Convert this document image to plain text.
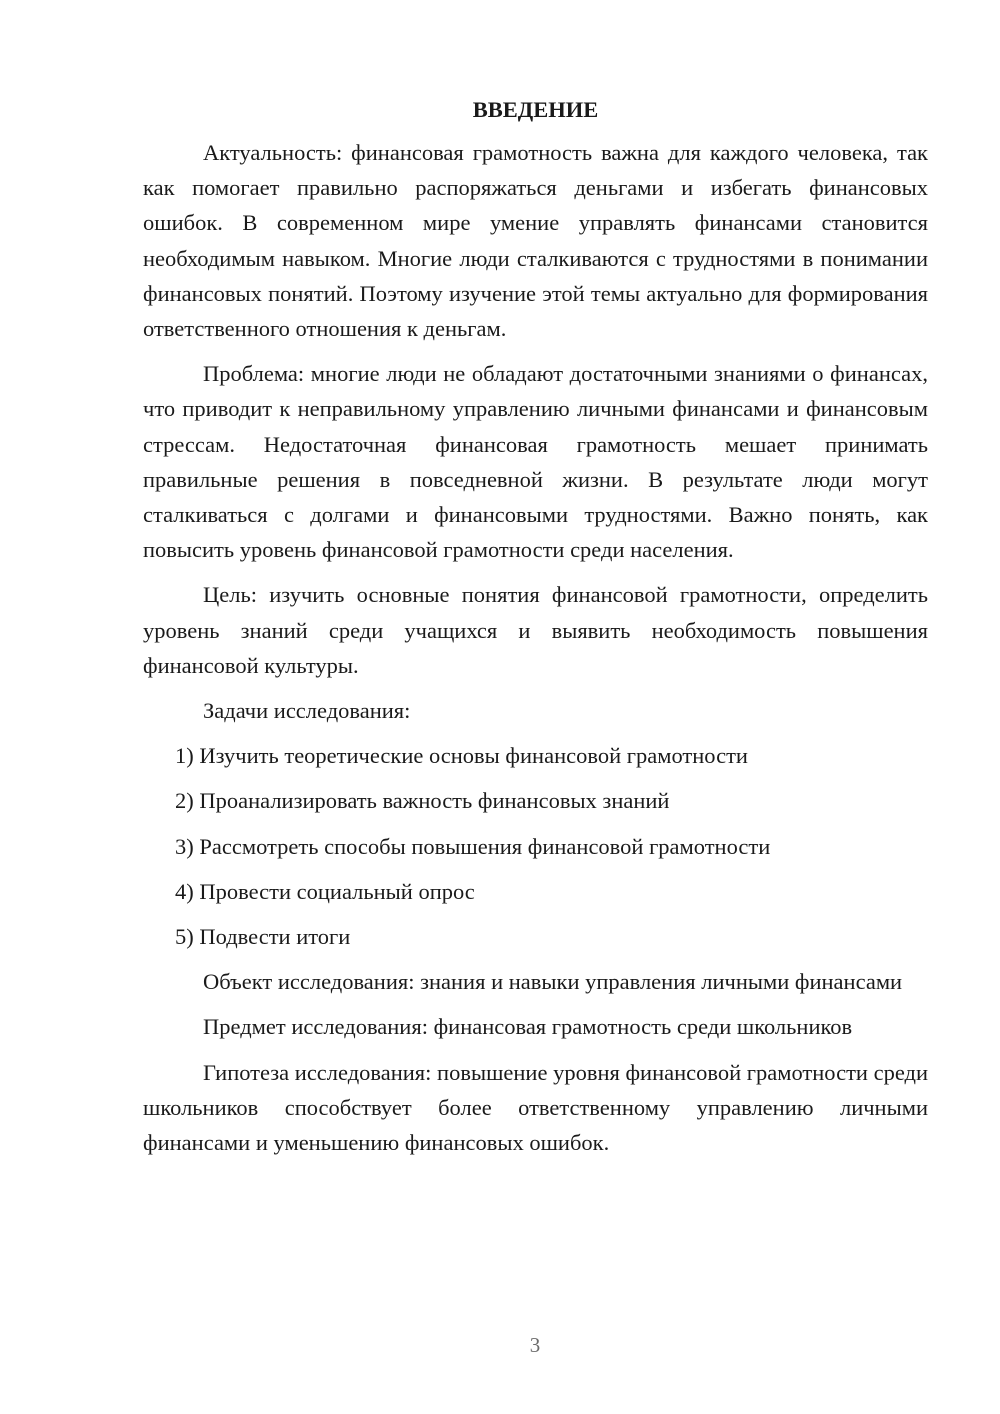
ВВЕДЕНИЕ

Актуальность: финансовая грамотность важна для каждого человека, так как помогает правильно распоряжаться деньгами и избегать финансовых ошибок. В современном мире умение управлять финансами становится необходимым навыком. Многие люди сталкиваются с трудностями в понимании финансовых понятий. Поэтому изучение этой темы актуально для формирования ответственного отношения к деньгам.

Проблема: многие люди не обладают достаточными знаниями о финансах, что приводит к неправильному управлению личными финансами и финансовым стрессам. Недостаточная финансовая грамотность мешает принимать правильные решения в повседневной жизни. В результате люди могут сталкиваться с долгами и финансовыми трудностями. Важно понять, как повысить уровень финансовой грамотности среди населения.

Цель: изучить основные понятия финансовой грамотности, определить уровень знаний среди учащихся и выявить необходимость повышения финансовой культуры.

Задачи исследования:

1) Изучить теоретические основы финансовой грамотности
2) Проанализировать важность финансовых знаний
3) Рассмотреть способы повышения финансовой грамотности
4) Провести социальный опрос
5) Подвести итоги

Объект исследования: знания и навыки управления личными финансами

Предмет исследования: финансовая грамотность среди школьников

Гипотеза исследования: повышение уровня финансовой грамотности среди школьников способствует более ответственному управлению личными финансами и уменьшению финансовых ошибок.

3
